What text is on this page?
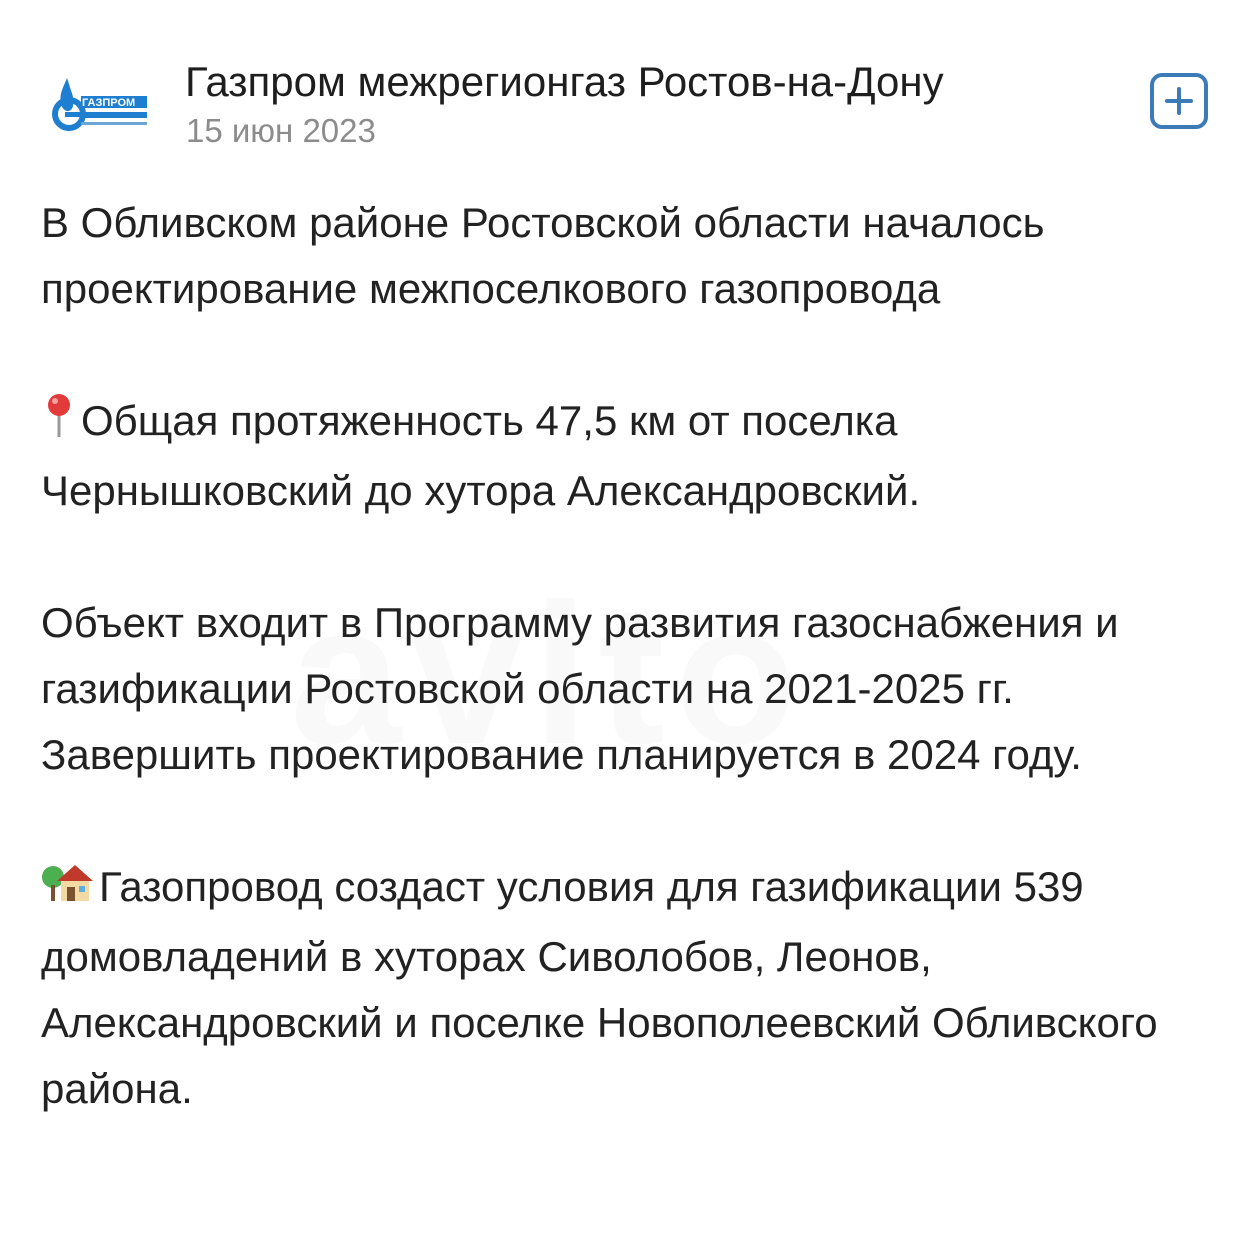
ГАЗПРОМ Газпром межрегионгаз Ростов-на-Дону
15 июн 2023

В Обливском районе Ростовской области началось проектирование межпоселкового газопровода

Общая протяженность 47,5 км от поселка Чернышковский до хутора Александровский.

Объект входит в Программу развития газоснабжения и газификации Ростовской области на 2021-2025 гг. Завершить проектирование планируется в 2024 году.

Газопровод создаст условия для газификации 539 домовладений в хуторах Сиволобов, Леонов, Александровский и поселке Новополеевский Обливского района.
